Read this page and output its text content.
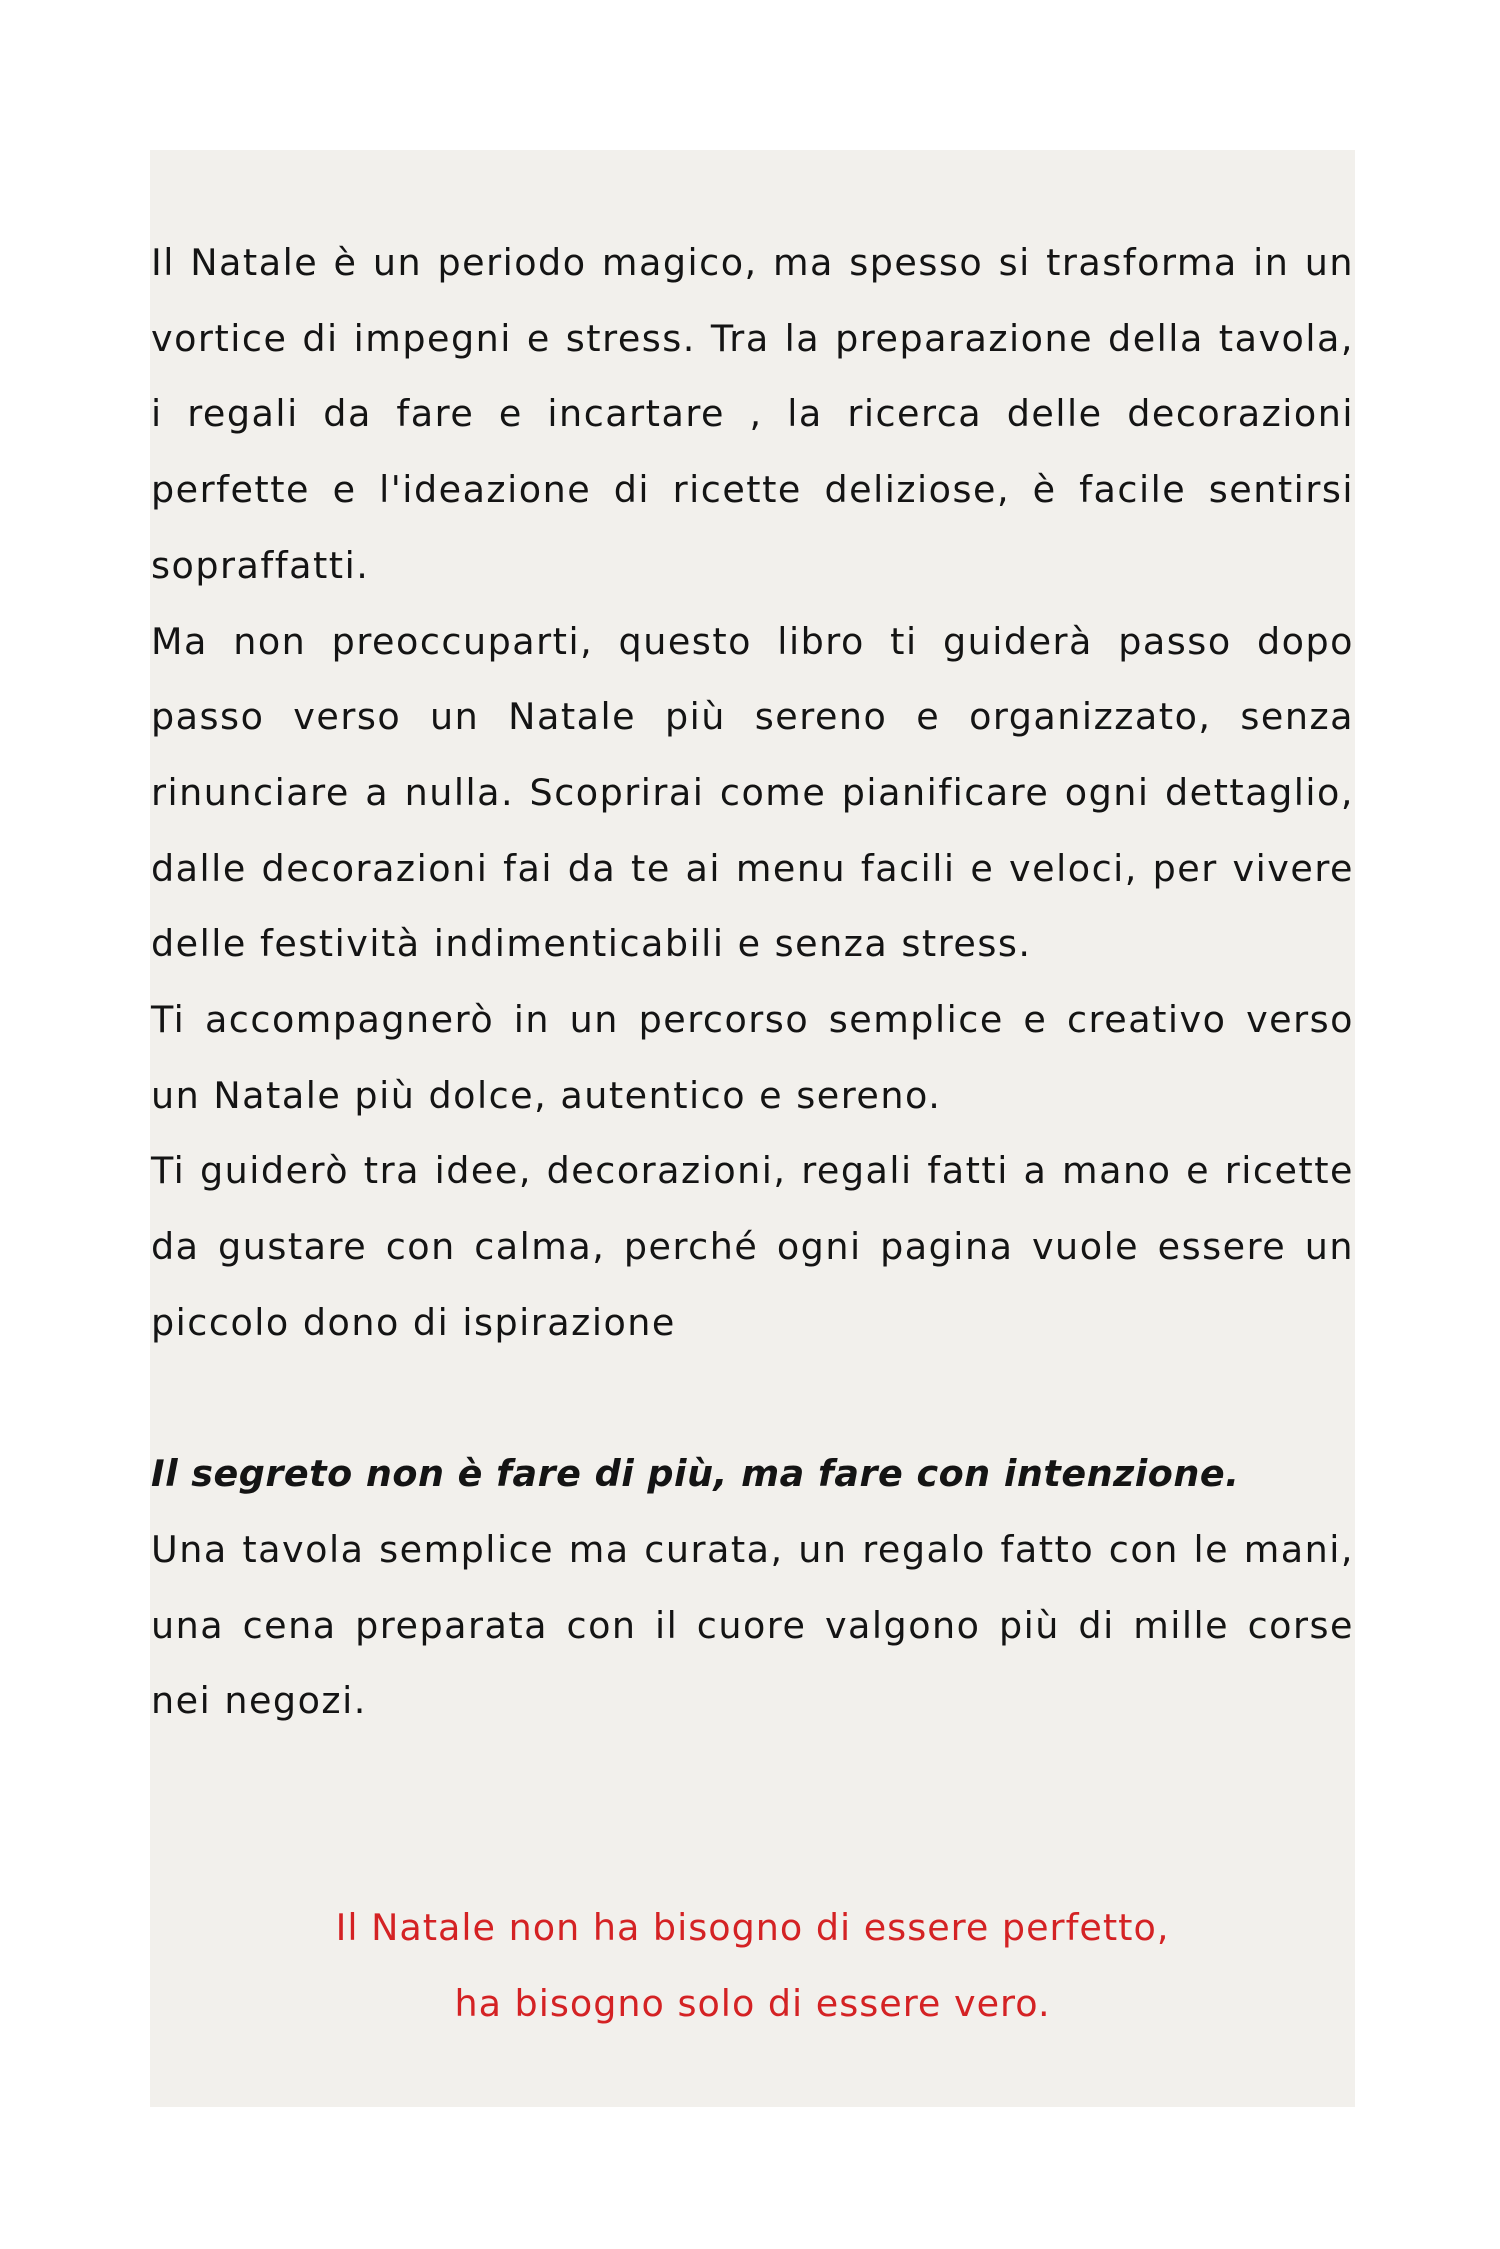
Il Natale è un periodo magico, ma spesso si trasforma in un vortice di impegni e stress. Tra la preparazione della tavola, i regali da fare e incartare , la ricerca delle decorazioni perfette e l'ideazione di ricette deliziose, è facile sentirsi sopraffatti.

Ma non preoccuparti, questo libro ti guiderà passo dopo passo verso un Natale più sereno e organizzato, senza rinunciare a nulla. Scoprirai come pianificare ogni dettaglio, dalle decorazioni fai da te ai menu facili e veloci, per vivere delle festività indimenticabili e senza stress.

Ti accompagnerò in un percorso semplice e creativo verso un Natale più dolce, autentico e sereno.

Ti guiderò tra idee, decorazioni, regali fatti a mano e ricette da gustare con calma, perché ogni pagina vuole essere un piccolo dono di ispirazione

Il segreto non è fare di più, ma fare con intenzione.

Una tavola semplice ma curata, un regalo fatto con le mani, una cena preparata con il cuore valgono più di mille corse nei negozi.

Il Natale non ha bisogno di essere perfetto,

ha bisogno solo di essere vero.
